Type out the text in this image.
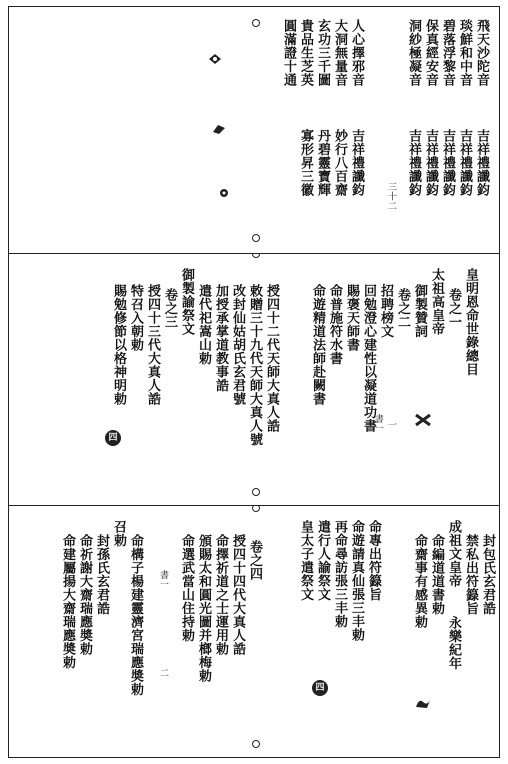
飛天沙陀音
琰鮮和中音
碧落浮黎音
保真經安音
洞紗極凝音
人心擇邪音
大洞無量音
玄功三千圖
貴品生芝英
圓滿證十通
吉祥禮讖鈞
吉祥禮讖鈞
吉祥禮讖鈞
吉祥禮讖鈞
吉祥禮讖鈞
吉祥禮讖鈞
妙行八百齋
丹碧靈寶輝
寡形昇三徽	三十二
皇明恩命世錄總目
卷之一
太祖高皇帝
御製贊詞
卷之二
招聘榜文
回勉澄心建性以凝道功書
賜褒天師書
命普施符水書
命遊精道法師赴闕書
授四十二代天師大真人誥
敕贈三十九代天師大真人號
改封仙姑胡氏玄君號
加授承掌道教事誥
遣代祀嵩山勅
御製諭祭文
卷之三
授四十三代大真人誥
特召入朝勅
賜勉修節以格神明勅
書一 一
四
封包氏玄君誥
禁私出符籙旨
成祖文皇帝
命編道道書勅
命齋事有感異勅
命專出符籙旨
命遊請真仙張三丰勅
再命尋訪張三丰勅
遣行人諭祭文
皇太子遣祭文
卷之四
授四十四代大真人誥
命擇祈道之士運用勅
頒賜太和圓光圖并榔梅勅
命選武當山住持勅
命構子楊建靈濟宮瑞應奬勅
召勅
封孫氏玄君誥
命祈謝大齋瑞應奬勅
命建屬揚大齋瑞應奬勅	永樂紀年
書一
二
四
